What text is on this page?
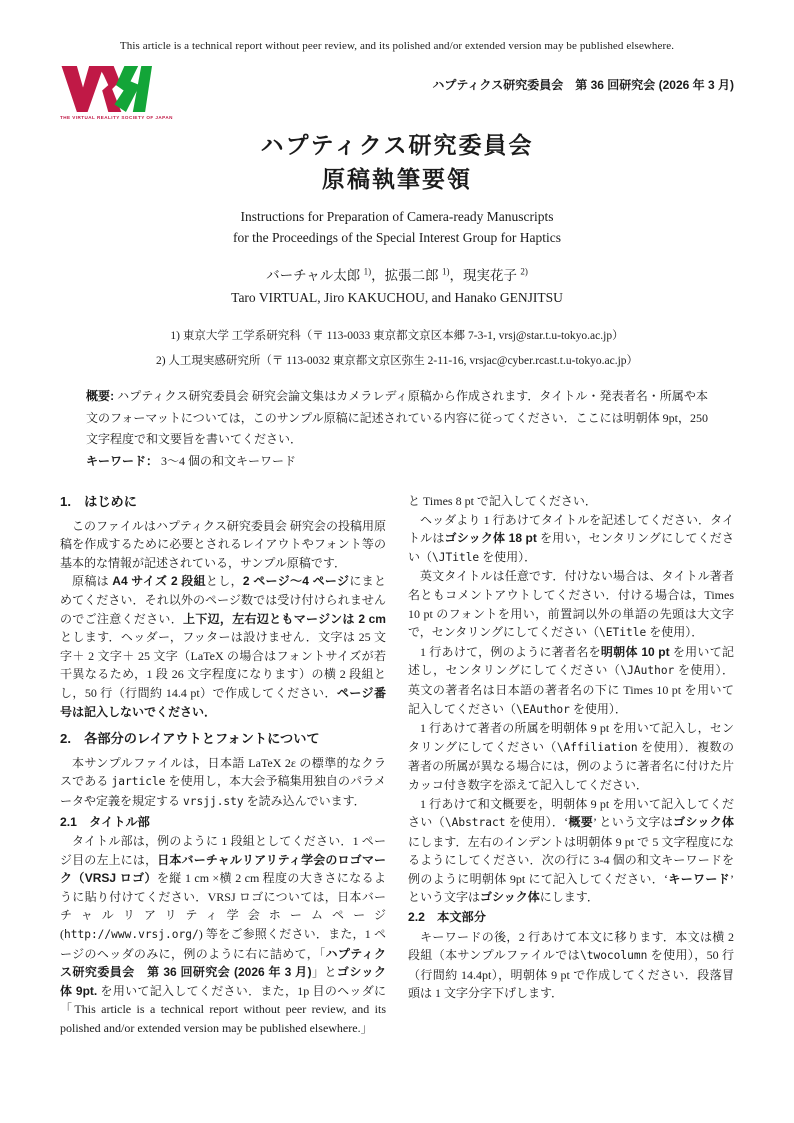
This article is a technical report without peer review, and its polished and/or extended version may be published elsewhere.
THE VIRTUAL REALITY SOCIETY OF JAPAN
ハプティクス研究委員会　第 36 回研究会 (2026 年 3 月)
ハプティクス研究委員会
原稿執筆要領
Instructions for Preparation of Camera-ready Manuscripts
for the Proceedings of the Special Interest Group for Haptics
バーチャル太郎 $^{1)}$，拡張二郎 $^{1)}$，現実花子 $^{2)}$
Taro VIRTUAL, Jiro KAKUCHOU, and Hanako GENJITSU
1) 東京大学 工学系研究科（〒 113-0033 東京都文京区本郷 7-3-1, vrsj@star.t.u-tokyo.ac.jp）
2) 人工現実感研究所（〒 113-0032 東京都文京区弥生 2-11-16, vrsjac@cyber.rcast.t.u-tokyo.ac.jp）

概要: ハプティクス研究委員会 研究会論文集はカメラレディ原稿から作成されます．タイトル・発表者名・所属や本文のフォーマットについては，このサンプル原稿に記述されている内容に従ってください．ここには明朝体 9pt，250 文字程度で和文要旨を書いてください．

キーワード： 3〜4 個の和文キーワード

1.　はじめに

このファイルはハプティクス研究委員会 研究会の投稿用原稿を作成するために必要とされるレイアウトやフォント等の基本的な情報が記述されている，サンプル原稿です．

原稿は A4 サイズ 2 段組とし，2 ページ〜4 ページにまとめてください．それ以外のページ数では受け付けられませんのでご注意ください．上下辺，左右辺ともマージンは 2 cm とします．ヘッダー，フッターは設けません．文字は 25 文字＋ 2 文字＋ 25 文字（LaTeX の場合はフォントサイズが若干異なるため，1 段 26 文字程度になります）の横 2 段組とし，50 行（行間約 14.4 pt）で作成してください．ページ番号は記入しないでください．

2.　各部分のレイアウトとフォントについて

本サンプルファイルは，日本語 LaTeX 2ε の標準的なクラスである jarticle を使用し，本大会予稿集用独自のパラメータや定義を規定する vrsjj.sty を読み込んでいます．

2.1　タイトル部

タイトル部は，例のように 1 段組としてください．1 ページ目の左上には，日本バーチャルリアリティ学会のロゴマーク（VRSJ ロゴ）を縦 1 cm ×横 2 cm 程度の大きさになるように貼り付けてください．VRSJ ロゴについては，日本バーチャルリアリティ学会ホームページ (http://www.vrsj.org/) 等をご参照ください．また，1 ページのヘッダのみに，例のように右に詰めて，「ハプティクス研究委員会　第 36 回研究会 (2026 年 3 月)」とゴシック体 9pt. を用いて記入してください．また，1p 目のヘッダに「This article is a technical report without peer review, and its polished and/or extended version may be published elsewhere.」

と Times 8 pt で記入してください．

ヘッダより 1 行あけてタイトルを記述してください．タイトルはゴシック体 18 pt を用い，センタリングにしてください（\JTitle を使用）．

英文タイトルは任意です．付けない場合は、タイトル著者名ともコメントアウトしてください．付ける場合は，Times 10 pt のフォントを用い，前置詞以外の単語の先頭は大文字で，センタリングにしてください（\ETitle を使用）．

1 行あけて，例のように著者名を明朝体 10 pt を用いて記述し，センタリングにしてください（\JAuthor を使用）．英文の著者名は日本語の著者名の下に Times 10 pt を用いて記入してください（\EAuthor を使用）．

1 行あけて著者の所属を明朝体 9 pt を用いて記入し，センタリングにしてください（\Affiliation を使用）．複数の著者の所属が異なる場合には，例のように著者名に付けた片カッコ付き数字を添えて記入してください．

1 行あけて和文概要を，明朝体 9 pt を用いて記入してください（\Abstract を使用）．‘概要’ という文字はゴシック体にします．左右のインデントは明朝体 9 pt で 5 文字程度になるようにしてください．次の行に 3-4 個の和文キーワードを例のように明朝体 9pt にて記入してください．‘キーワード’ という文字はゴシック体にします．

2.2　本文部分

キーワードの後，2 行あけて本文に移ります．本文は横 2 段組（本サンプルファイルでは\twocolumn を使用），50 行（行間約 14.4pt），明朝体 9 pt で作成してください．段落冒頭は 1 文字分字下げします．
